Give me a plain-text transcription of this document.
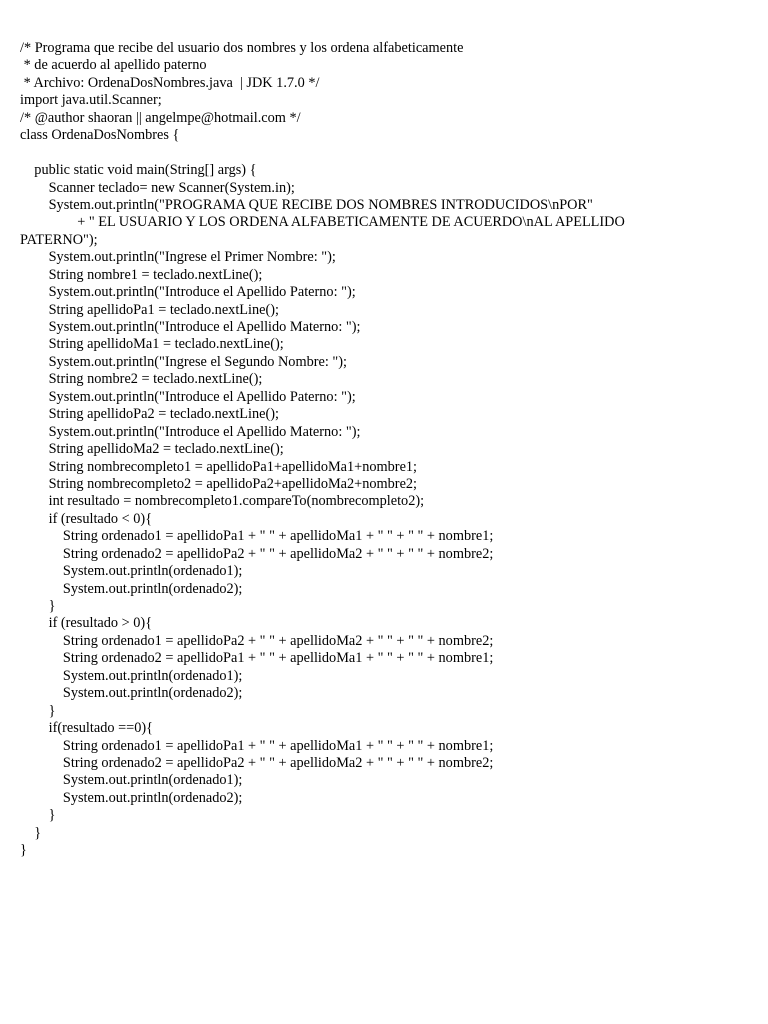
/* Programa que recibe del usuario dos nombres y los ordena alfabeticamente
* de acuerdo al apellido paterno
* Archivo: OrdenaDosNombres.java  | JDK 1.7.0 */
import java.util.Scanner;
/* @author shaoran || angelmpe@hotmail.com */
class OrdenaDosNombres {
public static void main(String[] args) {
Scanner teclado= new Scanner(System.in);
System.out.println("PROGRAMA QUE RECIBE DOS NOMBRES INTRODUCIDOS\nPOR"
+ " EL USUARIO Y LOS ORDENA ALFABETICAMENTE DE ACUERDO\nAL APELLIDO
PATERNO");
System.out.println("Ingrese el Primer Nombre: ");
String nombre1 = teclado.nextLine();
System.out.println("Introduce el Apellido Paterno: ");
String apellidoPa1 = teclado.nextLine();
System.out.println("Introduce el Apellido Materno: ");
String apellidoMa1 = teclado.nextLine();
System.out.println("Ingrese el Segundo Nombre: ");
String nombre2 = teclado.nextLine();
System.out.println("Introduce el Apellido Paterno: ");
String apellidoPa2 = teclado.nextLine();
System.out.println("Introduce el Apellido Materno: ");
String apellidoMa2 = teclado.nextLine();
String nombrecompleto1 = apellidoPa1+apellidoMa1+nombre1;
String nombrecompleto2 = apellidoPa2+apellidoMa2+nombre2;
int resultado = nombrecompleto1.compareTo(nombrecompleto2);
if (resultado < 0){
String ordenado1 = apellidoPa1 + " " + apellidoMa1 + " " + " " + nombre1;
String ordenado2 = apellidoPa2 + " " + apellidoMa2 + " " + " " + nombre2;
System.out.println(ordenado1);
System.out.println(ordenado2);
}
if (resultado > 0){
String ordenado1 = apellidoPa2 + " " + apellidoMa2 + " " + " " + nombre2;
String ordenado2 = apellidoPa1 + " " + apellidoMa1 + " " + " " + nombre1;
System.out.println(ordenado1);
System.out.println(ordenado2);
}
if(resultado ==0){
String ordenado1 = apellidoPa1 + " " + apellidoMa1 + " " + " " + nombre1;
String ordenado2 = apellidoPa2 + " " + apellidoMa2 + " " + " " + nombre2;
System.out.println(ordenado1);
System.out.println(ordenado2);
}
}
}
